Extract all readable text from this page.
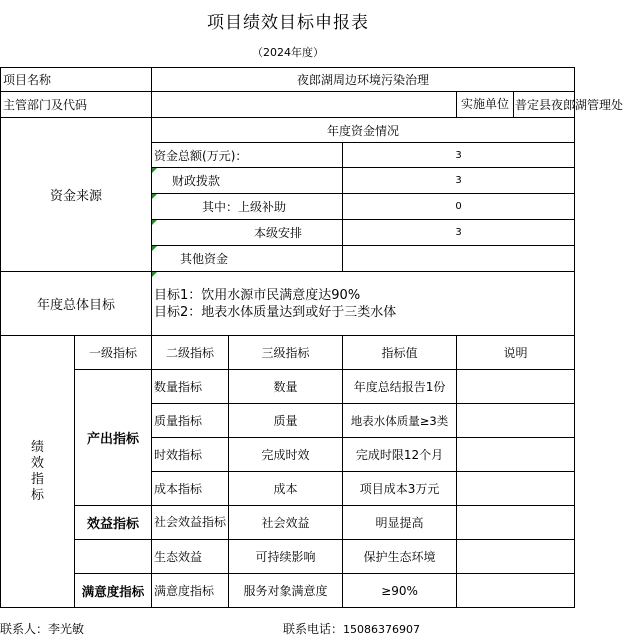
项目绩效目标申报表
（2024年度）
项目名称		夜郎湖周边环境污染治理			
主管部门及代码					实施单位 普定县夜郎湖管理处

资金来源		年度资金情况			
		资金总额(万元)：		3	
		财政拨款		3	
		其中：上级补助		0	
		本级安排		3	
		其他资金			
年度总体目标		目标1：饮用水源市民满意度达90%
目标2：地表水体质量达到或好于三类水体			

绩效指标	一级指标	二级指标	三级指标	指标值	说明
	产出指标	数量指标	数量	年度总结报告1份	
		质量指标	质量	地表水体质量≥3类	
		时效指标	完成时效	完成时限12个月	
		成本指标	成本	项目成本3万元	
	效益指标	社会效益指标	社会效益	明显提高	
		生态效益	可持续影响	保护生态环境	
	满意度指标	满意度指标	服务对象满意度	≥90%	
联系人：李光敏	联系电话：15086376907
